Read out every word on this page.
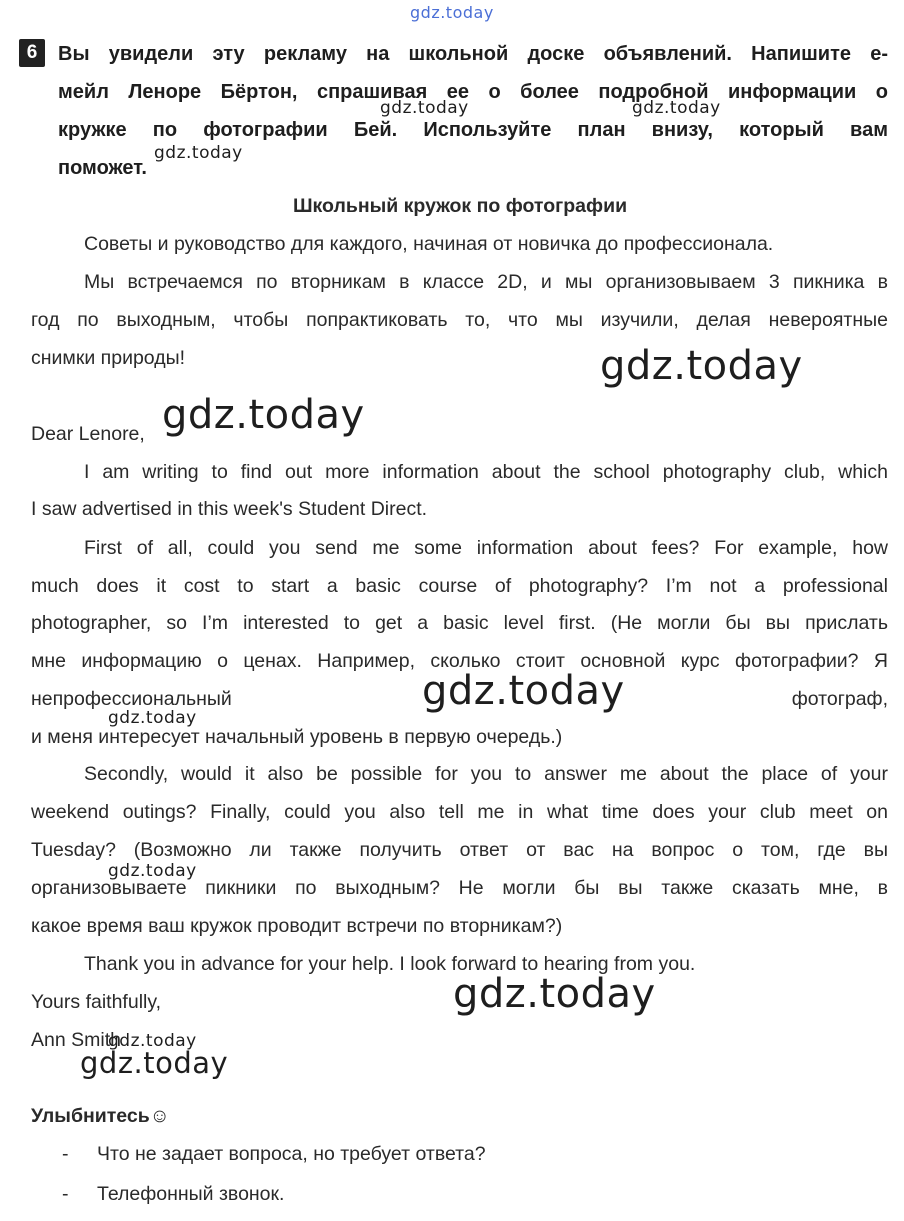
gdz.today
6	Вы увидели эту рекламу на школьной доске объявлений. Напишите е-
мейл Леноре Бёртон, спрашивая ее о более подробной информации о
кружке по фотографии Бей. Используйте план внизу, который вам
поможет.
gdz.today	gdz.today
gdz.today
Школьный кружок по фотографии
Советы и руководство для каждого, начиная от новичка до профессионала.
Мы встречаемся по вторникам в классе 2D, и мы организовываем 3 пикника в
год по выходным, чтобы попрактиковать то, что мы изучили, делая невероятные
снимки природы!	gdz.today
Dear Lenore, gdz.today
I am writing to find out more information about the school photography club, which
I saw advertised in this week's Student Direct.
First of all, could you send me some information about fees? For example, how
much does it cost to start a basic course of photography? I’m not a professional
photographer, so I’m interested to get a basic level first. (Не могли бы вы прислать
мне информацию о ценах. Например, сколько стоит основной курс фотографии? Я
непрофессиональный	фотограф,
gdz.today
gdz.today
и меня интересует начальный уровень в первую очередь.)
Secondly, would it also be possible for you to answer me about the place of your
weekend outings? Finally, could you also tell me in what time does your club meet on
Tuesday? (Возможно ли также получить ответ от вас на вопрос о том, где вы
gdz.today
организовываете пикники по выходным? Не могли бы вы также сказать мне, в
какое время ваш кружок проводит встречи по вторникам?)
Thank you in advance for your help. I look forward to hearing from you.
Yours faithfully,	gdz.today
Ann Smith
gdz.today
gdz.today
Улыбнитесь☺
- Что не задает вопроса, но требует ответа?
- Телефонный звонок.
